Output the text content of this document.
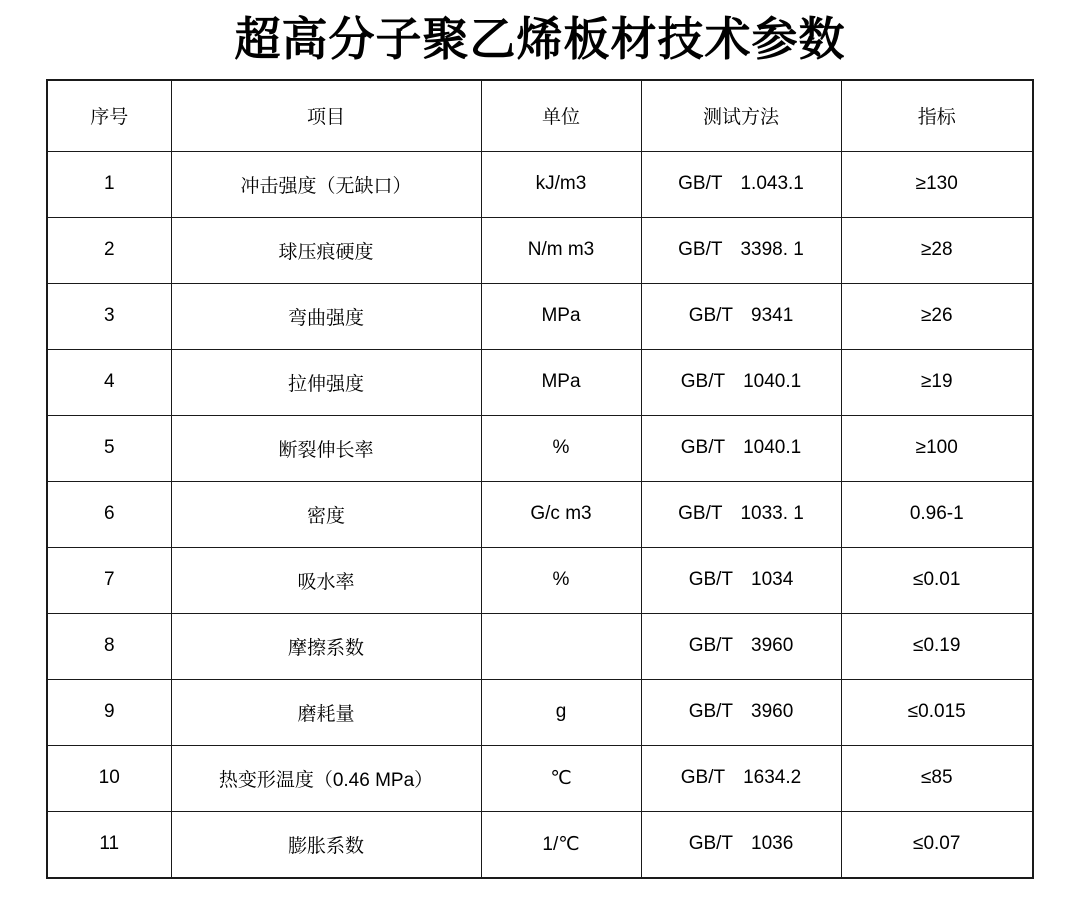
超高分子聚乙烯板材技术参数
序号	项目	单位	测试方法	指标
1	冲击强度（无缺口）	kJ/m3	GB/T 1.043.1	≥130
2	球压痕硬度	N/m m3	GB/T 3398. 1	≥28
3	弯曲强度	MPa	GB/T 9341	≥26
4	拉伸强度	MPa	GB/T 1040.1	≥19
5	断裂伸长率	%	GB/T 1040.1	≥100
6	密度	G/c m3	GB/T 1033. 1	0.96-1
7	吸水率	%	GB/T 1034	≤0.01
8	摩擦系数		GB/T 3960	≤0.19
9	磨耗量	g	GB/T 3960	≤0.015
10	热变形温度（0.46 MPa）	℃	GB/T 1634.2	≤85
11	膨胀系数	1/℃	GB/T 1036	≤0.07
